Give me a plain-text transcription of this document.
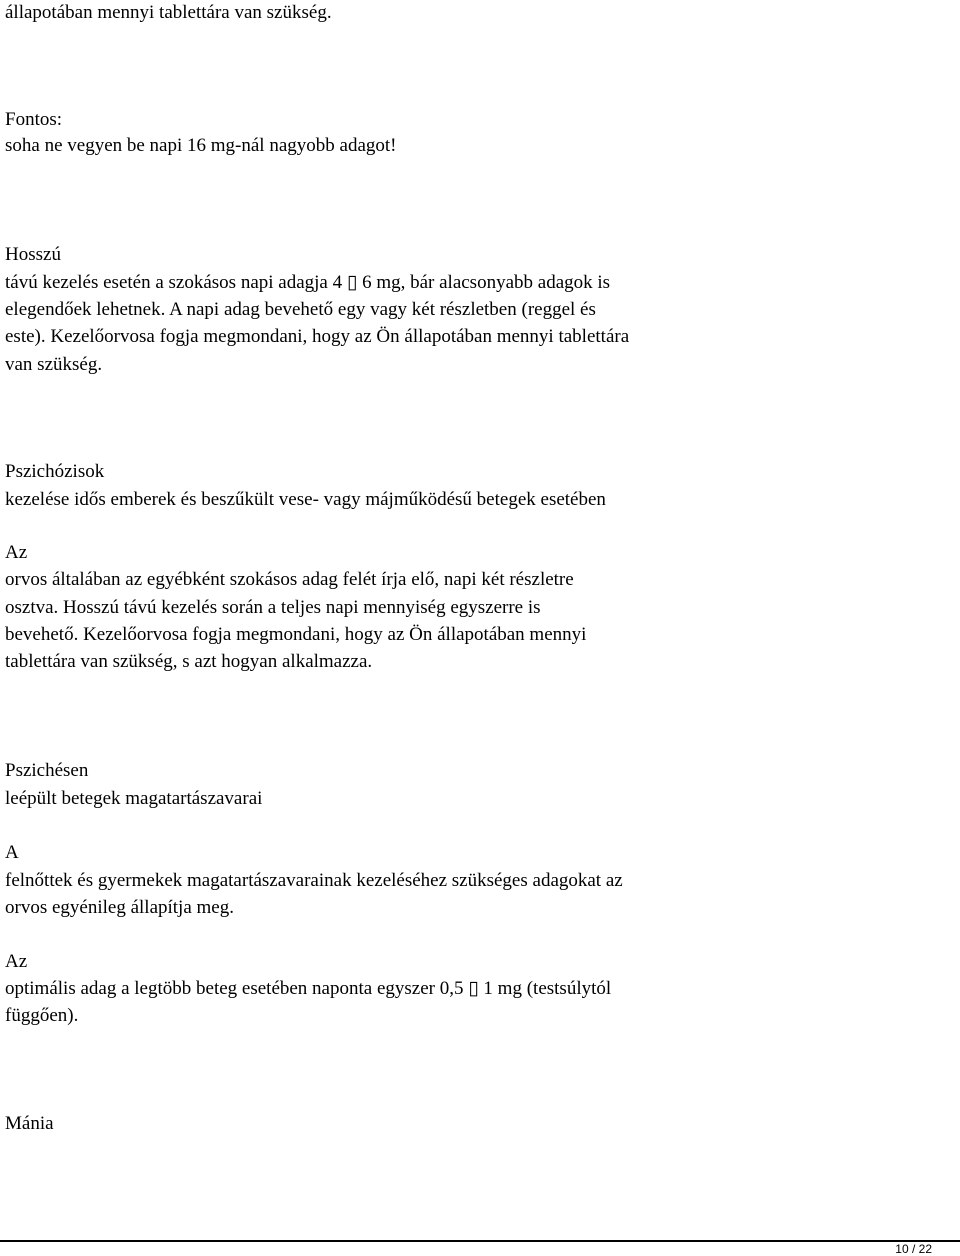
állapotában mennyi tablettára van szükség.
Fontos:
soha ne vegyen be napi 16 mg-nál nagyobb adagot!
Hosszú
távú kezelés esetén a szokásos napi adagja 4 ▯ 6 mg, bár alacsonyabb adagok is
elegendőek lehetnek. A napi adag bevehető egy vagy két részletben (reggel és
este). Kezelőorvosa fogja megmondani, hogy az Ön állapotában mennyi tablettára
van szükség.
Pszichózisok
kezelése idős emberek és beszűkült vese- vagy májműködésű betegek esetében
Az
orvos általában az egyébként szokásos adag felét írja elő, napi két részletre
osztva. Hosszú távú kezelés során a teljes napi mennyiség egyszerre is
bevehető. Kezelőorvosa fogja megmondani, hogy az Ön állapotában mennyi
tablettára van szükség, s azt hogyan alkalmazza.
Pszichésen
leépült betegek magatartászavarai
A
felnőttek és gyermekek magatartászavarainak kezeléséhez szükséges adagokat az
orvos egyénileg állapítja meg.
Az
optimális adag a legtöbb beteg esetében naponta egyszer 0,5 ▯ 1 mg (testsúlytól
függően).
Mánia
10 / 22
